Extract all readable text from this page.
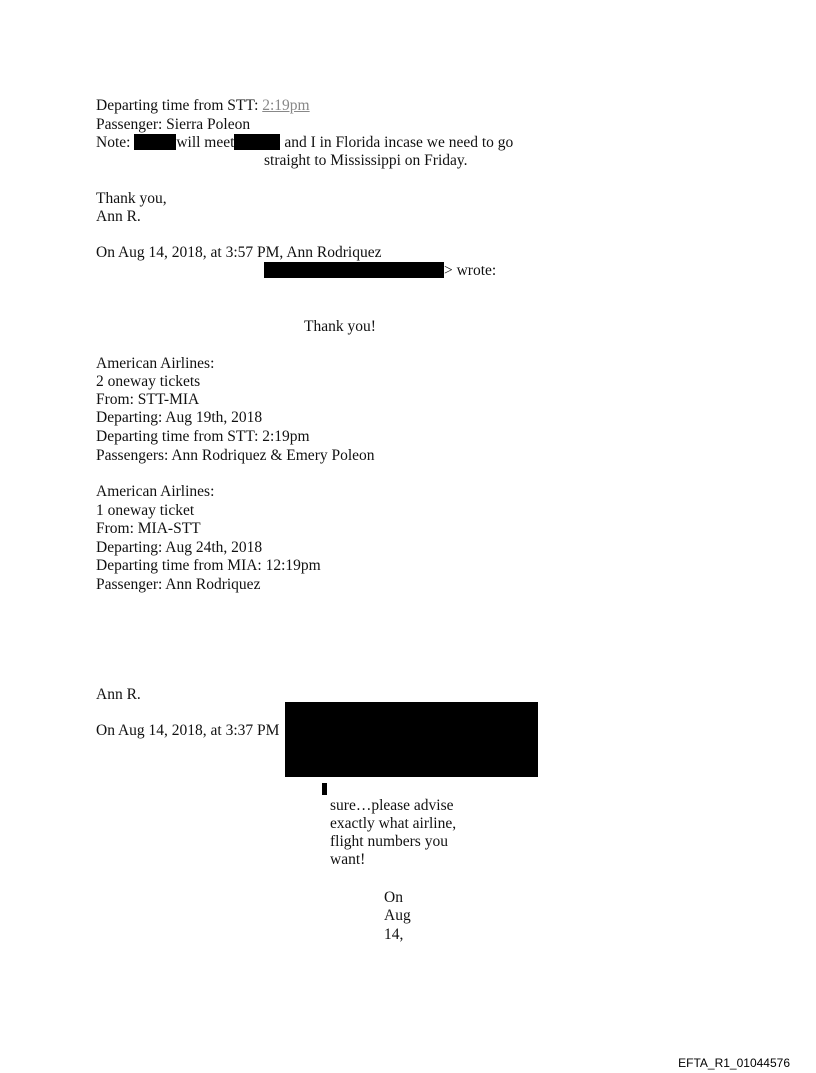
Departing time from STT: 2:19pm
Passenger: Sierra Poleon
Note:	will meet	and I in Florida incase we need to go
straight to Mississippi on Friday.
Thank you,
Ann R.
On Aug 14, 2018, at 3:57 PM, Ann Rodriquez
> wrote:
Thank you!
American Airlines:
2 oneway tickets
From: STT-MIA
Departing: Aug 19th, 2018
Departing time from STT: 2:19pm
Passengers: Ann Rodriquez & Emery Poleon
American Airlines:
1 oneway ticket
From: MIA-STT
Departing: Aug 24th, 2018
Departing time from MIA: 12:19pm
Passenger: Ann Rodriquez
Ann R.
On Aug 14, 2018, at 3:37 PM
sure…please advise
exactly what airline,
flight numbers you
want!
On
Aug
14,
EFTA_R1_01044576
